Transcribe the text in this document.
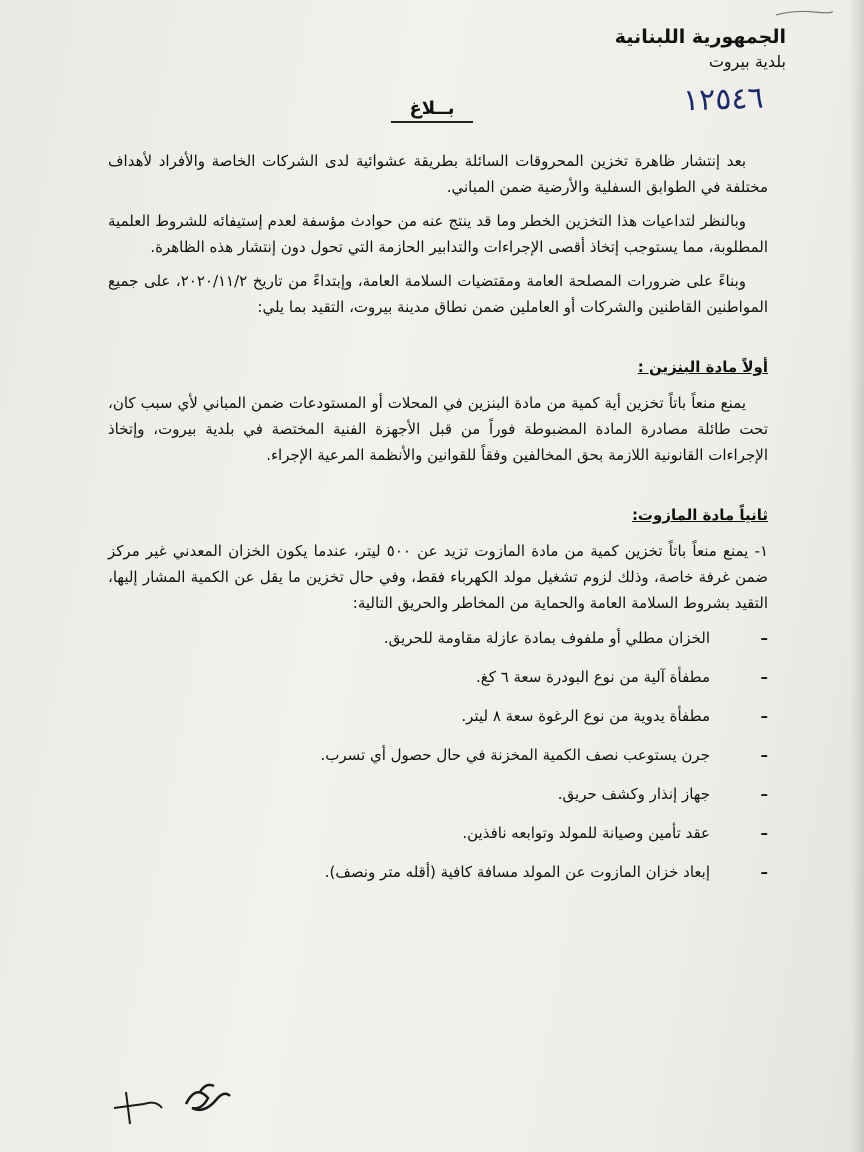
الجمهورية اللبنانية
بلدية بيروت
١٢٥٤٦
بــلاغ

بعد إنتشار ظاهرة تخزين المحروقات السائلة بطريقة عشوائية لدى الشركات الخاصة والأفراد لأهداف مختلفة في الطوابق السفلية والأرضية ضمن المباني.

وبالنظر لتداعيات هذا التخزين الخطر وما قد ينتج عنه من حوادث مؤسفة لعدم إستيفائه للشروط العلمية المطلوبة، مما يستوجب إتخاذ أقصى الإجراءات والتدابير الحازمة التي تحول دون إنتشار هذه الظاهرة.

وبناءً على ضرورات المصلحة العامة ومقتضيات السلامة العامة، وإبتداءً من تاريخ ٢٠٢٠/١١/٢، على جميع المواطنين القاطنين والشركات أو العاملين ضمن نطاق مدينة بيروت، التقيد بما يلي:

أولاً مادة البنزين :

يمنع منعاً باتاً تخزين أية كمية من مادة البنزين في المحلات أو المستودعات ضمن المباني لأي سبب كان، تحت طائلة مصادرة المادة المضبوطة فوراً من قبل الأجهزة الفنية المختصة في بلدية بيروت، وإتخاذ الإجراءات القانونية اللازمة بحق المخالفين وفقاً للقوانين والأنظمة المرعية الإجراء.

ثانياً مادة المازوت:

١- يمنع منعاً باتاً تخزين كمية من مادة المازوت تزيد عن ٥٠٠ ليتر، عندما يكون الخزان المعدني غير مركز ضمن غرفة خاصة، وذلك لزوم تشغيل مولد الكهرباء فقط، وفي حال تخزين ما يقل عن الكمية المشار إليها، التقيد بشروط السلامة العامة والحماية من المخاطر والحريق التالية:

– الخزان مطلي أو ملفوف بمادة عازلة مقاومة للحريق.
– مطفأة آلية من نوع البودرة سعة ٦ كغ.
– مطفأة يدوية من نوع الرغوة سعة ٨ ليتر.
– جرن يستوعب نصف الكمية المخزنة في حال حصول أي تسرب.
– جهاز إنذار وكشف حريق.
– عقد تأمين وصيانة للمولد وتوابعه نافذين.
– إبعاد خزان المازوت عن المولد مسافة كافية (أقله متر ونصف).
